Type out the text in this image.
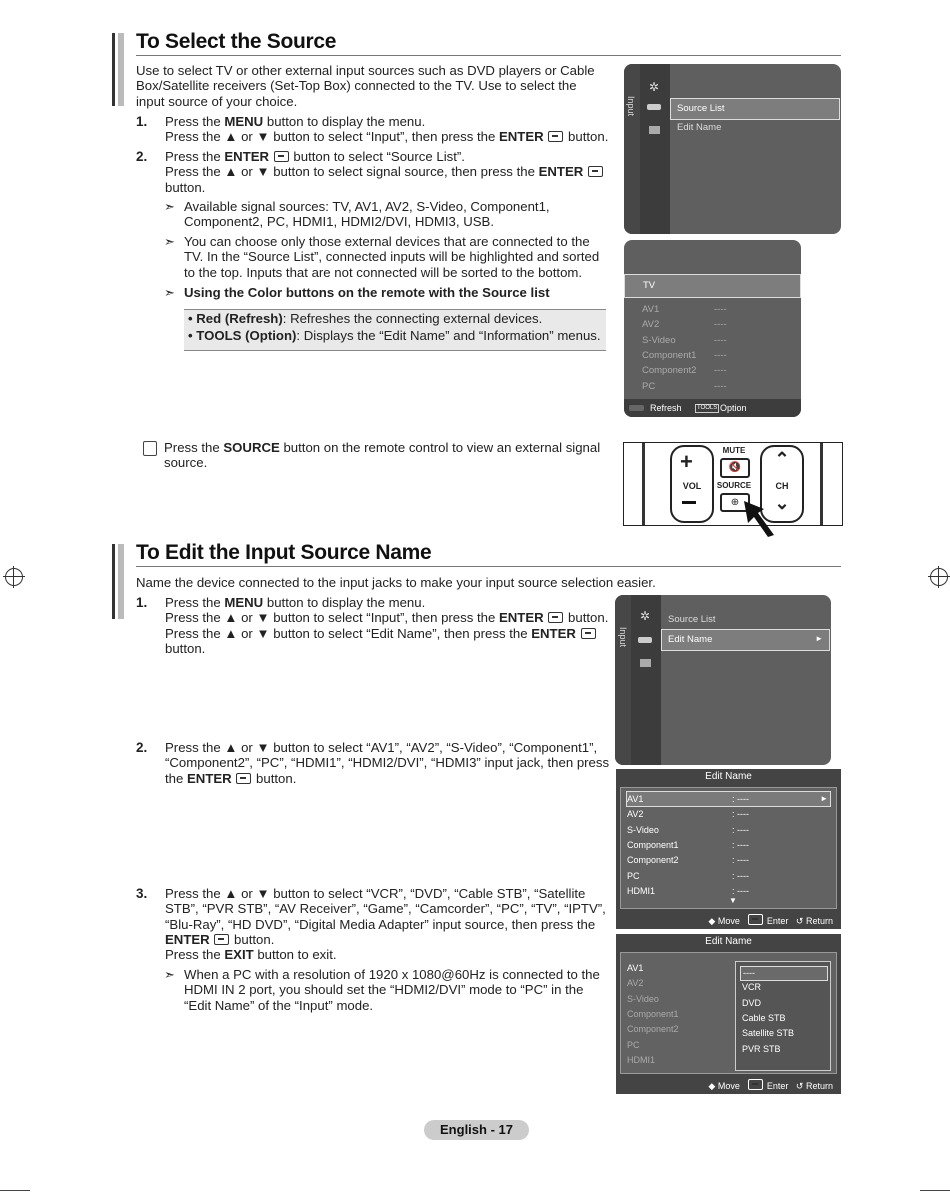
To Select the Source
Use to select TV or other external input sources such as DVD players or Cable Box/Satellite receivers (Set-Top Box) connected to the TV. Use to select the input source of your choice.
1. Press the MENU button to display the menu.
Press the ▲ or ▼ button to select “Input”, then press the ENTER  button.
2. Press the ENTER  button to select “Source List”.
Press the ▲ or ▼ button to select signal source, then press the ENTER  button.
➣ Available signal sources: TV, AV1, AV2, S-Video, Component1, Component2, PC, HDMI1, HDMI2/DVI, HDMI3, USB.
➣ You can choose only those external devices that are connected to the TV. In the “Source List”, connected inputs will be highlighted and sorted to the top. Inputs that are not connected will be sorted to the bottom.
➣ Using the Color buttons on the remote with the Source list
• Red (Refresh): Refreshes the connecting external devices.
• TOOLS (Option): Displays the “Edit Name” and “Information” menus.
Press the SOURCE button on the remote control to view an external signal source.
Input
✲
Source List
Edit Name
TV
AV1	----
AV2	----
S-Video	----
Component1 ----
Component2 ----
PC	----
Refresh	TOOLS Option
+
VOL
MUTE
🔇
SOURCE
⊕
⌃
CH
⌄
To Edit the Input Source Name
Name the device connected to the input jacks to make your input source selection easier.
1. Press the MENU button to display the menu.
Press the ▲ or ▼ button to select “Input”, then press the ENTER  button.
Press the ▲ or ▼ button to select “Edit Name”, then press the ENTER  button.
2. Press the ▲ or ▼ button to select “AV1”, “AV2”, “S-Video”, “Component1”, “Component2”, “PC”, “HDMI1”, “HDMI2/DVI”, “HDMI3” input jack, then press the ENTER  button.
3. Press the ▲ or ▼ button to select “VCR”, “DVD”, “Cable STB”, “Satellite STB”, “PVR STB”, “AV Receiver”, “Game”, “Camcorder”, “PC”, “TV”, “IPTV”, “Blu-Ray”, “HD DVD”, “Digital Media Adapter” input source, then press the ENTER  button.
Press the EXIT button to exit.
➣ When a PC with a resolution of 1920 x 1080@60Hz is connected to the HDMI IN 2 port, you should set the “HDMI2/DVI” mode to “PC” in the “Edit Name” of the “Input” mode.
Input
✲ Source List
Edit Name	►
Edit Name
AV1	: ----	►
AV2	: ----
S-Video	: ----
Component1	: ----
Component2	: ----
PC	: ----
HDMI1	: ----
▼
◆ Move	Enter ↺ Return
Edit Name
AV1
AV2
S-Video
Component1
Component2
PC
HDMI1
----
VCR
DVD
Cable STB
Satellite STB
PVR STB
◆ Move	Enter ↺ Return
English - 17
